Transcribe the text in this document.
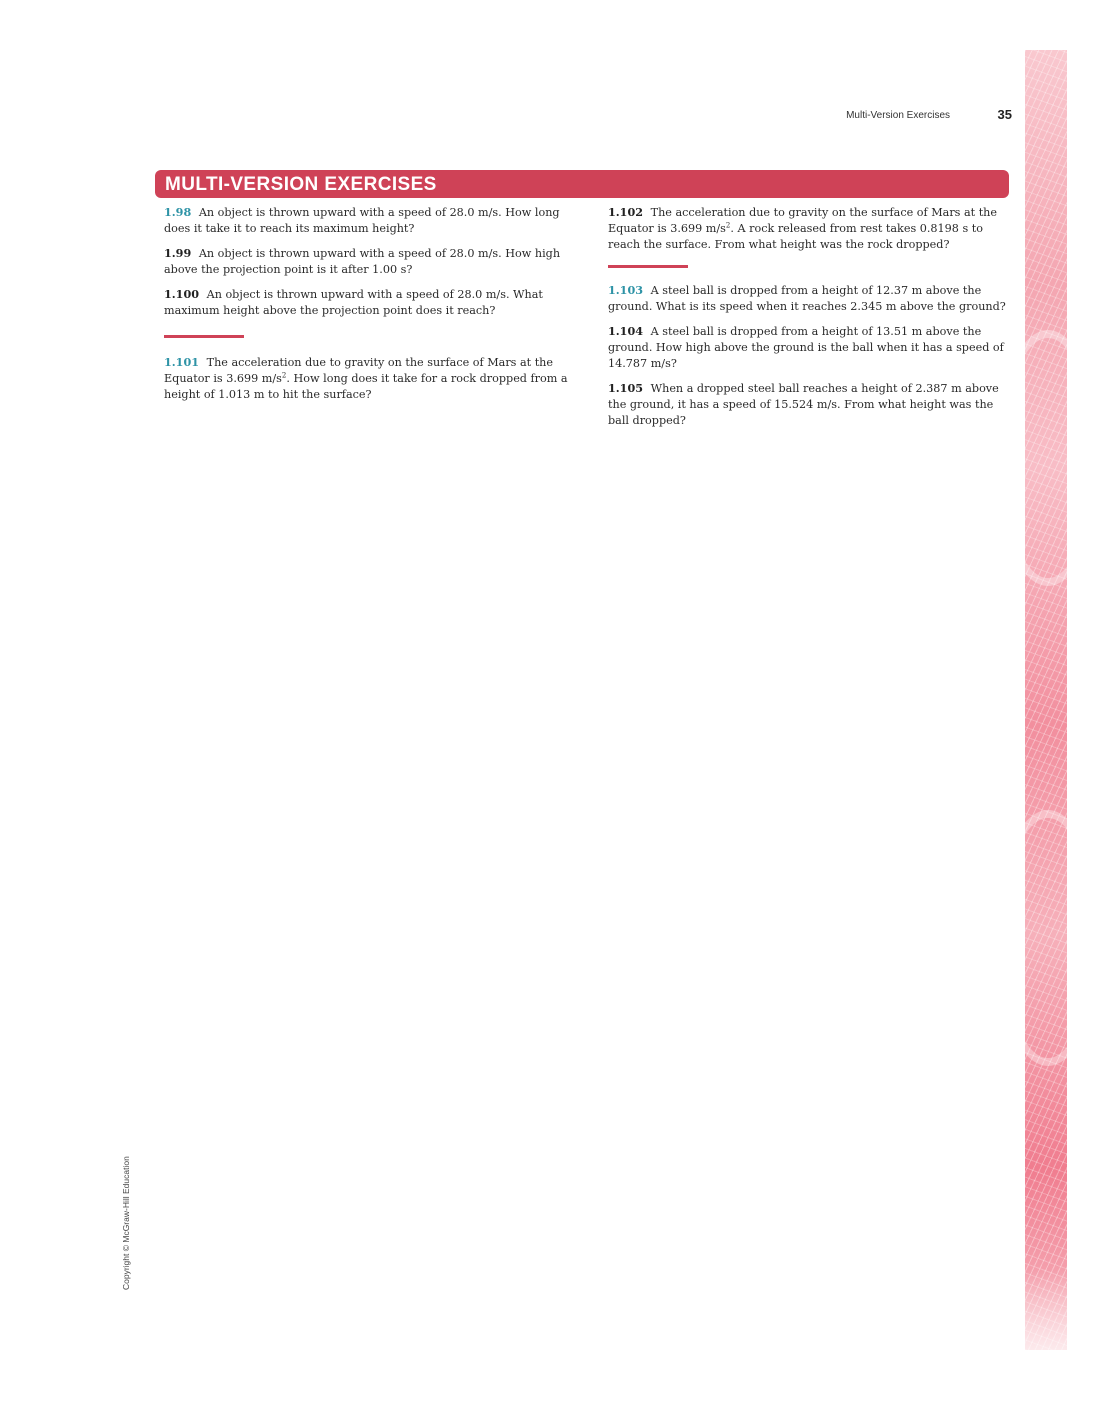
Multi-Version Exercises	35
MULTI-VERSION EXERCISES

1.98 An object is thrown upward with a speed of 28.0 m/s. How long does it take it to reach its maximum height?

1.99 An object is thrown upward with a speed of 28.0 m/s. How high above the projection point is it after 1.00 s?

1.100 An object is thrown upward with a speed of 28.0 m/s. What maximum height above the projection point does it reach?

1.101 The acceleration due to gravity on the surface of Mars at the Equator is 3.699 $m/s^2$. How long does it take for a rock dropped from a height of 1.013 m to hit the surface?

1.102 The acceleration due to gravity on the surface of Mars at the Equator is 3.699 $m/s^2$. A rock released from rest takes 0.8198 s to reach the surface. From what height was the rock dropped?

1.103 A steel ball is dropped from a height of 12.37 m above the ground. What is its speed when it reaches 2.345 m above the ground?

1.104 A steel ball is dropped from a height of 13.51 m above the ground. How high above the ground is the ball when it has a speed of 14.787 m/s?

1.105 When a dropped steel ball reaches a height of 2.387 m above the ground, it has a speed of 15.524 m/s. From what height was the ball dropped?

Copyright © McGraw-Hill Education
